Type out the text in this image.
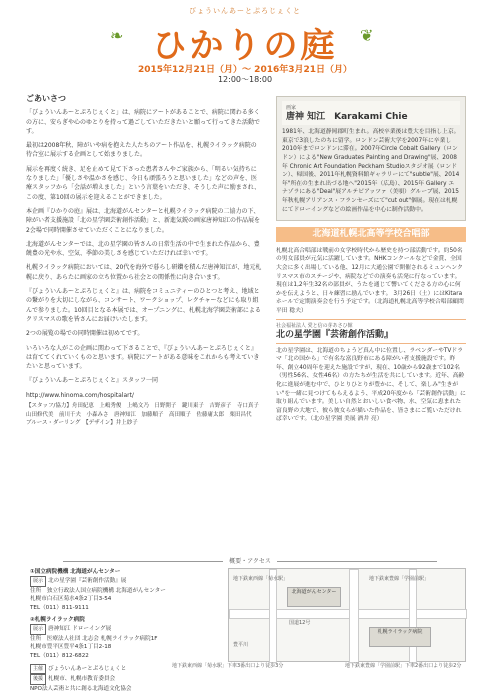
びょういんあーとぷろじぇくと
❧ ひかりの庭	❦
2015年12月21日（月）～ 2016年3月21日（月）
12:00～18:00
ごあいさつ

「びょういんあーとぷろじぇくと」は、病院にアートがあることで、病院に関わる多くの方に、安らぎや心のゆとりを持って過ごしていただきたいと願って行ってきた活動です。

最初は2008年秋、障がいや病を抱えた人たちのアート作品を、札幌ライラック病院の待合室に展示する企画として始まりました。

展示を再度く続き、足を止めて見て下さった患者さんやご家族から、「明るい気持ちになりました」「優しさや温かさを感じ、今日も頑張ろうと思いました」などの声を、医療スタッフから「会話が増えました」という言葉をいただき、そうした声に励まされ、この度、第10回の展示を迎えることができました。

本企画『ひかりの庭』展は、北海道がんセンターと札幌ライラック病院の二協力の下、障がい者支援施設「北の星学園芸術創作活動」と、新進気鋭の画家唐神知江の作品展を2会場で同時開催させていただくことになりました。

北海道がんセンターでは、北の星学園の皆さんの日常生活の中で生まれた作品から、豊饒豊の光や水、空気、季節の美しさを感じていただければ幸いです。

札幌ライラック病院においては、20代を海外で暮らし研鑽を積んだ唐神知江が、地元札幌に戻り、あらたに画家の立ち位置から社会との関係性に向き合います。

『びょういんあーとぷろじぇくと』は、病院をコミュニティーのひとつと考え、地域との繋がりを大切にしながら、コンサート、ワークショップ、レクチャーなどにも取り組んで参りました。10回目となる本展では、オープニングに、札幌北海学園芸術部によるクリスマスの歌を皆さんにお届けいたします。

2つの展覧の場での同時開催は初めてです。

いろいろな人がこの企画に関わって下さることで、『びょういんあーとぷろじぇくと』は育ててくれていくものと思います。病院にアートがある意味をこれからも考えていきたいと思っています。

『びょういんあーとぷろじぇくと』スタッフ一同

http://www.hinoma.com/hospitalart/

【スタッフ/協力】舟田紀恵　上嶋秀俊　上嶋文乃　日野開子　鍵川東子　吉野彦子　寺口真子　山田修代美　前川千夫　小森みさ　唐神知江　加藤順子　高田順子　佐藤庸太郎　栗田昌代　ブルース・ダーリング　【デザイン】井上紗子

画家
唐神 知江　Karakami Chie
1981年、北海道静岡郡町生まれ。高校卒業後は豊大を目指し上京。東京で3浪したのちに留学。ロンドン芸術大学を2007年に卒業し2010年までロンドンに滞在。2007年Circle Cobalt Gallery（ロンドン）による"New Graduates Painting and Drawing"展、2008年 Chronic Art Foundation Peckham Studioスタジオ展（ロンドン）、帰国後、2011年札幌資料館ギャラリーにて"subtle"展、2014年"所在の生まれ出づる地へ"2015年（広島）、2015年 Gallery エナゾラにある"Deal"展アルテピアッツァ（美唄）グループ展、2015年秋札幌アリアンス・フランセーズにて"cut out"個展。現在は札幌にてドローイングなどの絵画作品を中心に制作活動中。
北海道札幌北高等学校合唱部
札幌北高合唱部は戦前の女学校時代から歴史を持つ部活動です。約50名の男女部員が元気に活躍しています。NHKコンクールなどで金賞、全国大会に多く出場している他、12月に大通公園で開催されるミュンヘンクリスマス市のステージや、病院などでの演奏も活発に行なっています。現在は1,2年生32名の部員が、うたを通じて響いてくださる方の心に何かを伝えようと、日々練習に励んでいます。 3月26日（土）にはKitaraホールで定期演奏会を行う予定です。（北海道札幌北高等学校合唱部顧問 平田 稔夫）
社会福祉法人 愛と信の芽あさひ館
北の星学園『芸術創作活動』
北の星学園は、北海道のちょうど真ん中に位置し、ラベンダーやTVドラマ「北の国から」で有名な富良野市にある障がい者支援施設です。昨年、創立40周年を迎えた施設ですが、現在、10歳から92歳まで102名（男性56名、女性46名）の方たちが生活を共にしています。近年、高齢化に進展が進む中で、ひとりひとりが豊かに、そして、楽しみ"生きがい"を一緒に見つけてもらえるよう、平成20年度から「芸術創作活動」に取り組んでいます。美しい自然とおいしい食べ物、水、空気に恵まれた富良野の大地で、彼ら彼女らが描いた作品を、皆さまにご覧いただければ幸いです。（北の星学園 美展 酒井 亮）
概要・アクセス
①国立病院機構 北海道がんセンター
展示 北の星学園『芸術創作活動』展
住所　独立行政法人国立病院機構 北海道がんセンター
札幌市白石区菊水4条2丁目3-54
TEL（011）811-9111
②札幌ライラック病院
展示 唐神知江 ドローイング展
住所　医療法人社団 北志会 札幌ライラック病院1F
札幌市豊平区豊平4条1丁目2-18
TEL（011）812-6822
主催 びょういんあーとぷろじぇくと
後援 札幌市、札幌市教育委員会
NPO法人芸術と共に創る北海道文化協会
北海道がんセンター
札幌ライラック病院
地下鉄東西線「菊水駅」	地下鉄東豊線「学園前駅」
豊平川
国道12号
地下鉄東西線「菊水駅」下車3番出口より徒歩3分	地下鉄東豊線「学園前駅」下車2番出口より徒歩2分
